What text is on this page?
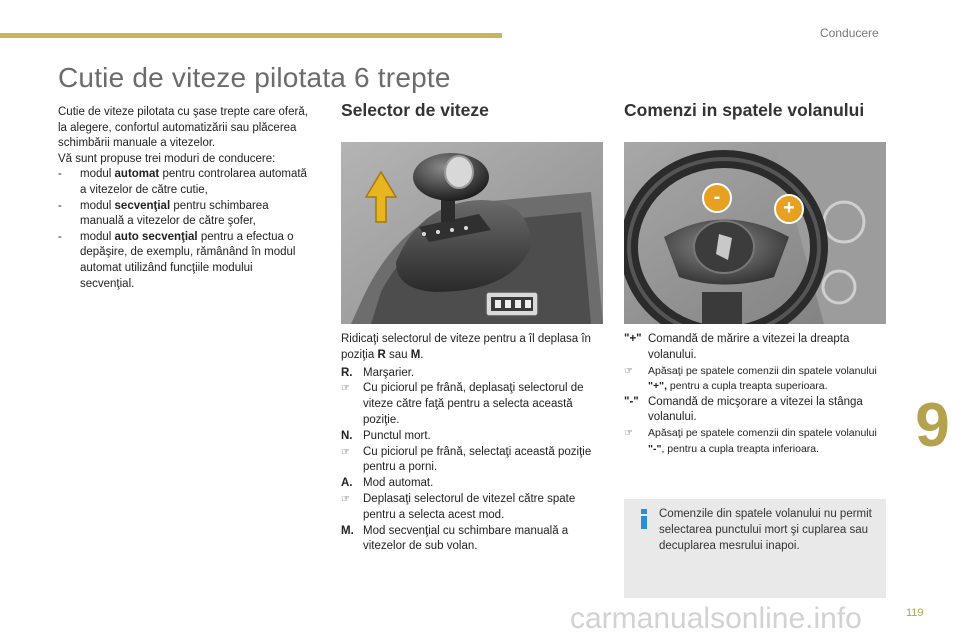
Conducere
Cutie de viteze pilotata 6 trepte
9

Cutie de viteze pilotata cu şase trepte care oferă, la alegere, confortul automatizării sau plăcerea schimbării manuale a vitezelor.

Vă sunt propuse trei moduri de conducere:

-	modul automat pentru controlarea automată a vitezelor de către cutie,
-	modul secvenţial pentru schimbarea manuală a vitezelor de către şofer,
-	modul auto secvenţial pentru a efectua o depăşire, de exemplu, rămânând în modul automat utilizând funcţiile modului secvenţial.
Selector de viteze
Ridicaţi selectorul de viteze pentru a îl deplasa în poziţia R sau M.
R. Marşarier.
☞	Cu piciorul pe frână, deplasaţi selectorul de viteze către faţă pentru a selecta această poziţie.
N. Punctul mort.
☞	Cu piciorul pe frână, selectaţi această poziţie pentru a porni.
A. Mod automat.
☞	Deplasaţi selectorul de vitezel către spate pentru a selecta acest mod.
M. Mod secvenţial cu schimbare manuală a vitezelor de sub volan.
Comenzi in spatele volanului
-	+
"+" Comandă de mărire a vitezei la dreapta volanului.
☞	Apăsaţi pe spatele comenzii din spatele volanului "+", pentru a cupla treapta superioara.
"-" Comandă de micşorare a vitezei la stânga volanului.
☞	Apăsaţi pe spatele comenzii din spatele volanului "-", pentru a cupla treapta inferioara.
Comenzile din spatele volanului nu permit selectarea punctului mort şi cuplarea sau decuplarea mesrului inapoi.
carmanualsonline.info	119
